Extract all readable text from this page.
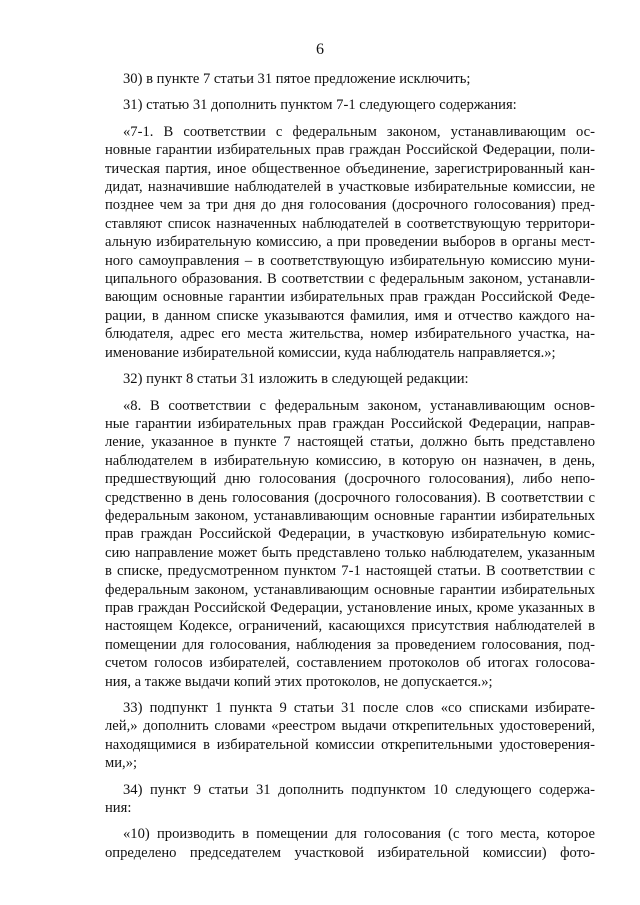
6
30) в пункте 7 статьи 31 пятое предложение исключить;
31) статью 31 дополнить пунктом 7-1 следующего содержания:
«7-1. В соответствии с федеральным законом, устанавливающим ос-
новные гарантии избирательных прав граждан Российской Федерации, поли-
тическая партия, иное общественное объединение, зарегистрированный кан-
дидат, назначившие наблюдателей в участковые избирательные комиссии, не
позднее чем за три дня до дня голосования (досрочного голосования) пред-
ставляют список назначенных наблюдателей в соответствующую территори-
альную избирательную комиссию, а при проведении выборов в органы мест-
ного самоуправления – в соответствующую избирательную комиссию муни-
ципального образования. В соответствии с федеральным законом, устанавли-
вающим основные гарантии избирательных прав граждан Российской Феде-
рации, в данном списке указываются фамилия, имя и отчество каждого на-
блюдателя, адрес его места жительства, номер избирательного участка, на-
именование избирательной комиссии, куда наблюдатель направляется.»;
32) пункт 8 статьи 31 изложить в следующей редакции:
«8. В соответствии с федеральным законом, устанавливающим основ-
ные гарантии избирательных прав граждан Российской Федерации, направ-
ление, указанное в пункте 7 настоящей статьи, должно быть представлено
наблюдателем в избирательную комиссию, в которую он назначен, в день,
предшествующий дню голосования (досрочного голосования), либо непо-
средственно в день голосования (досрочного голосования). В соответствии с
федеральным законом, устанавливающим основные гарантии избирательных
прав граждан Российской Федерации, в участковую избирательную комис-
сию направление может быть представлено только наблюдателем, указанным
в списке, предусмотренном пунктом 7-1 настоящей статьи. В соответствии с
федеральным законом, устанавливающим основные гарантии избирательных
прав граждан Российской Федерации, установление иных, кроме указанных в
настоящем Кодексе, ограничений, касающихся присутствия наблюдателей в
помещении для голосования, наблюдения за проведением голосования, под-
счетом голосов избирателей, составлением протоколов об итогах голосова-
ния, а также выдачи копий этих протоколов, не допускается.»;
33) подпункт 1 пункта 9 статьи 31 после слов «со списками избирате-
лей,» дополнить словами «реестром выдачи открепительных удостоверений,
находящимися в избирательной комиссии открепительными удостоверения-
ми,»;
34) пункт 9 статьи 31 дополнить подпунктом 10 следующего содержа-
ния:
«10) производить в помещении для голосования (с того места, которое
определено председателем участковой избирательной комиссии) фото-
